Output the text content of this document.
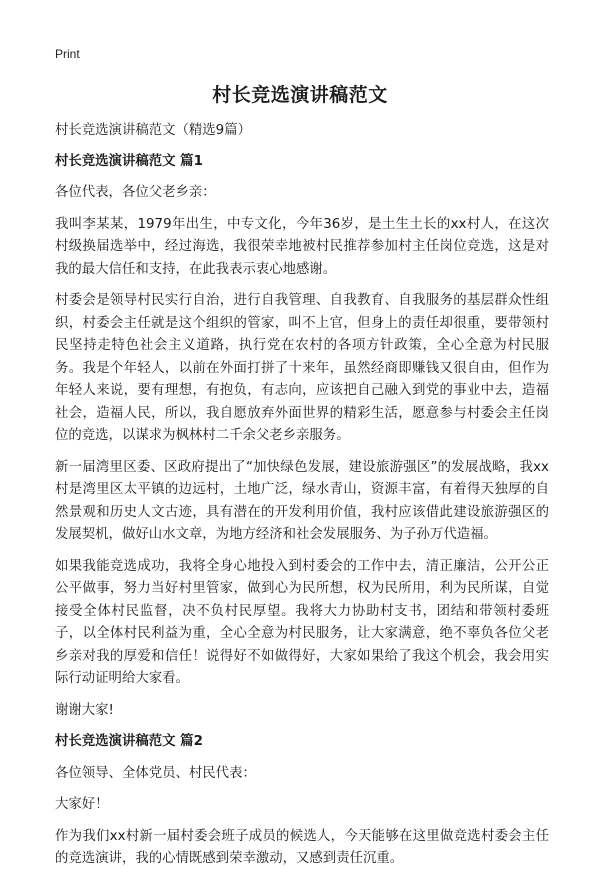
Print
村长竞选演讲稿范文

村长竞选演讲稿范文（精选9篇）

村长竞选演讲稿范文 篇1

各位代表，各位父老乡亲：

我叫李某某，1979年出生，中专文化，今年36岁，是土生土长的xx村人，在这次村级换届选举中，经过海选，我很荣幸地被村民推荐参加村主任岗位竞选，这是对我的最大信任和支持，在此我表示衷心地感谢。

村委会是领导村民实行自治，进行自我管理、自我教育、自我服务的基层群众性组织，村委会主任就是这个组织的管家，叫不上官，但身上的责任却很重，要带领村民坚持走特色社会主义道路，执行党在农村的各项方针政策，全心全意为村民服务。我是个年轻人，以前在外面打拼了十来年，虽然经商即赚钱又很自由，但作为年轻人来说，要有理想，有抱负，有志向，应该把自己融入到党的事业中去，造福社会，造福人民，所以，我自愿放弃外面世界的精彩生活，愿意参与村委会主任岗位的竞选，以谋求为枫林村二千余父老乡亲服务。

新一届湾里区委、区政府提出了“加快绿色发展，建设旅游强区”的发展战略，我xx村是湾里区太平镇的边远村，土地广泛，绿水青山，资源丰富，有着得天独厚的自然景观和历史人文古迹，具有潜在的开发利用价值，我村应该借此建设旅游强区的发展契机，做好山水文章，为地方经济和社会发展服务、为子孙万代造福。

如果我能竞选成功，我将全身心地投入到村委会的工作中去，清正廉洁，公开公正公平做事，努力当好村里管家，做到心为民所想，权为民所用，利为民所谋，自觉接受全体村民监督，决不负村民厚望。我将大力协助村支书，团结和带领村委班子，以全体村民利益为重，全心全意为村民服务，让大家满意，绝不辜负各位父老乡亲对我的厚爱和信任！说得好不如做得好，大家如果给了我这个机会，我会用实际行动证明给大家看。

谢谢大家!

村长竞选演讲稿范文 篇2

各位领导、全体党员、村民代表：

大家好！

作为我们xx村新一届村委会班子成员的候选人，今天能够在这里做竞选村委会主任的竞选演讲，我的心情既感到荣幸激动，又感到责任沉重。
